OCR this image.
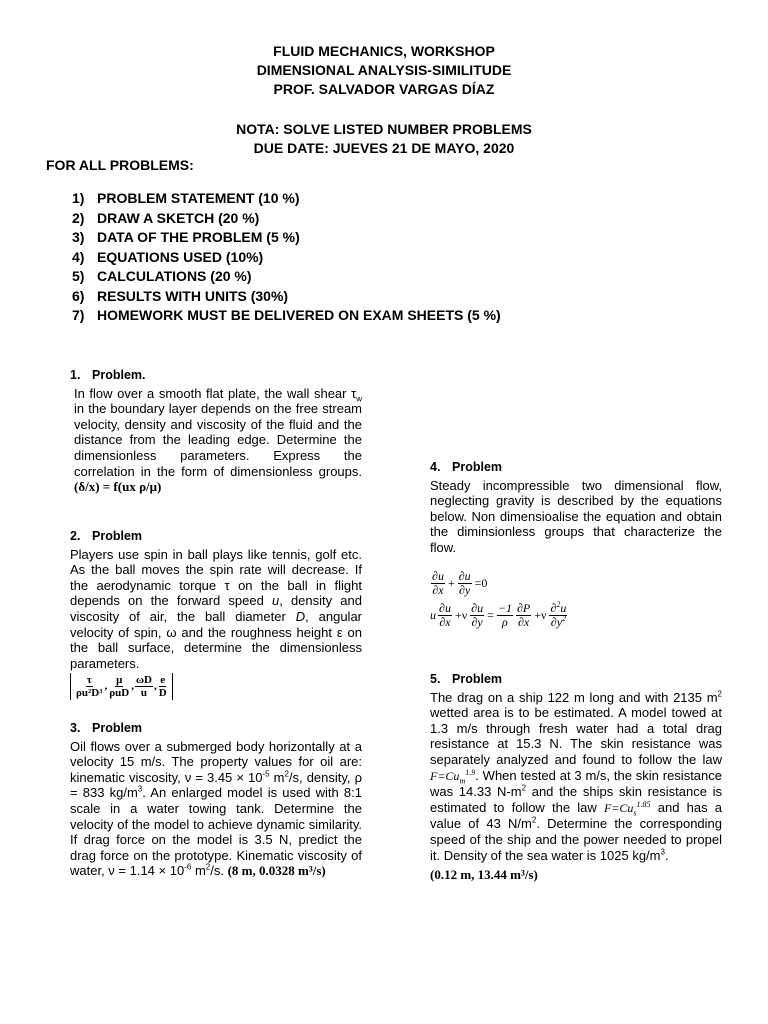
FLUID MECHANICS, WORKSHOP
DIMENSIONAL ANALYSIS-SIMILITUDE
PROF. SALVADOR VARGAS DÍAZ
NOTA: SOLVE LISTED NUMBER PROBLEMS
DUE DATE: JUEVES 21 DE MAYO, 2020
FOR ALL PROBLEMS:
1) PROBLEM STATEMENT (10 %)
2) DRAW A SKETCH (20 %)
3) DATA OF THE PROBLEM (5 %)
4) EQUATIONS USED (10%)
5) CALCULATIONS (20 %)
6) RESULTS WITH UNITS (30%)
7) HOMEWORK MUST BE DELIVERED ON EXAM SHEETS (5 %)
1. Problem.
In flow over a smooth flat plate, the wall shear $\tau_w$ in the boundary layer depends on the free stream velocity, density and viscosity of the fluid and the distance from the leading edge. Determine the dimensionless parameters. Express the correlation in the form of dimensionless groups. (δ/x) = f(ux ρ/μ)
2. Problem
Players use spin in ball plays like tennis, golf etc. As the ball moves the spin rate will decrease. If the aerodynamic torque τ on the ball in flight depends on the forward speed u, density and viscosity of air, the ball diameter D, angular velocity of spin, ω and the roughness height ε on the ball surface, determine the dimensionless parameters.
$\frac{\tau}{\text{ρu²D³}}$ , $\frac{\mu}{\text{ρuD}}$ , $\frac{\omega D}{u}$ , $\frac{e}{D}$
3. Problem
Oil flows over a submerged body horizontally at a velocity 15 m/s. The property values for oil are: kinematic viscosity, $\nu = 3.45 \times 10^{-5}$ $m^2/s$, density, ρ = 833 $kg/m^3$. An enlarged model is used with 8:1 scale in a water towing tank. Determine the velocity of the model to achieve dynamic similarity. If drag force on the model is 3.5 N, predict the drag force on the prototype. Kinematic viscosity of water, $\nu = 1.14 \times 10^{-6}$ $m^2/s$. (8 m, 0.0328 m³/s)
4. Problem
Steady incompressible two dimensional flow, neglecting gravity is described by the equations below. Non dimensioalise the equation and obtain the diminsionless groups that characterize the flow.
$\frac{\partial u}{\partial x} + \frac{\partial u}{\partial y} =0$
u $\frac{\partial u}{\partial x} +\nu \frac{\partial u}{\partial y} = \frac{-1}{\rho} \frac{\partial P}{\partial x} +\nu \frac{\partial^2u}{\partial y^2}$
5. Problem
The drag on a ship 122 m long and with 2135 $m^2$ wetted area is to be estimated. A model towed at 1.3 m/s through fresh water had a total drag resistance at 15.3 N. The skin resistance was separately analyzed and found to follow the law $F=Cu_m^{1.9}$. When tested at 3 m/s, the skin resistance was 14.33 $N-m^2$ and the ships skin resistance is estimated to follow the law $F=Cu_s^{1.85}$ and has a value of 43 $N/m^2$. Determine the corresponding speed of the ship and the power needed to propel it. Density of the sea water is 1025 $kg/m^3$.
(0.12 m, 13.44 m³/s)
